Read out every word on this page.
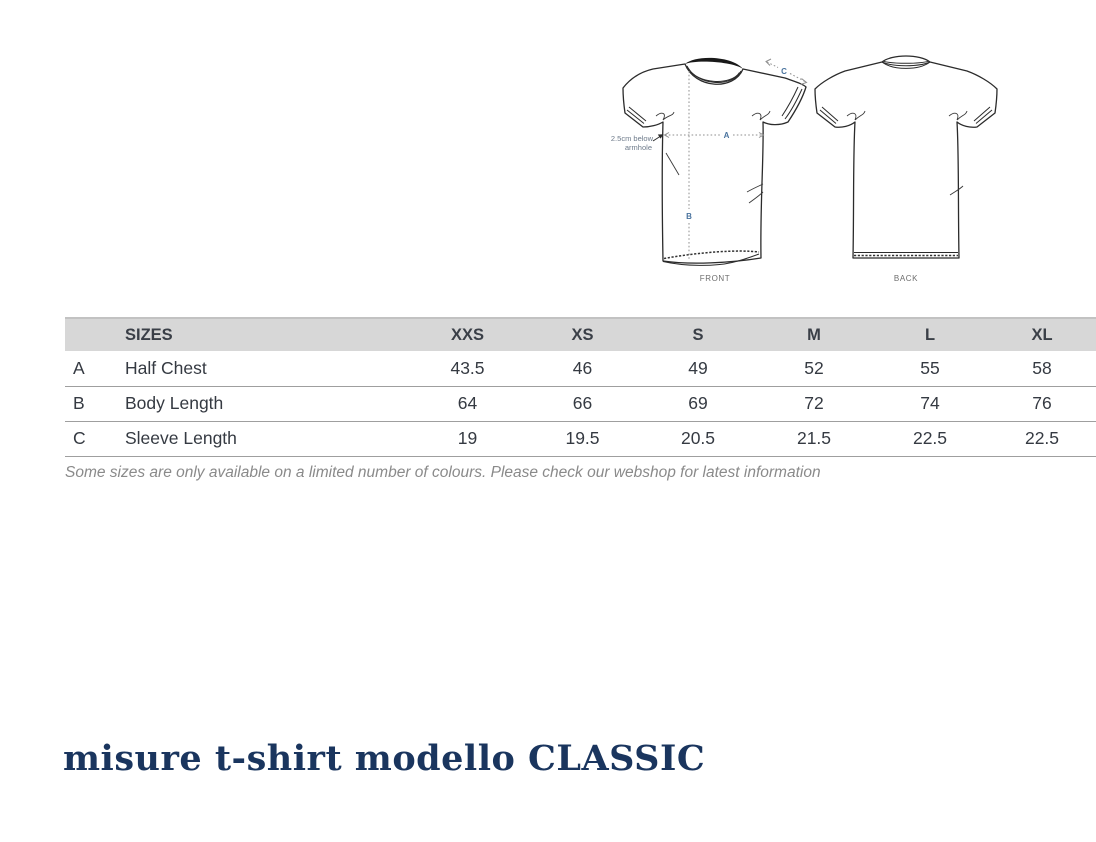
A
B
C
2.5cm below
armhole
FRONT	BACK
	SIZES	XXS	XS	S	M	L	XL
A	Half Chest	43.5	46	49	52	55	58
B	Body Length	64	66	69	72	74	76
C	Sleeve Length	19	19.5	20.5	21.5	22.5	22.5
Some sizes are only available on a limited number of colours. Please check our webshop for latest information
misure t-shirt modello CLASSIC
